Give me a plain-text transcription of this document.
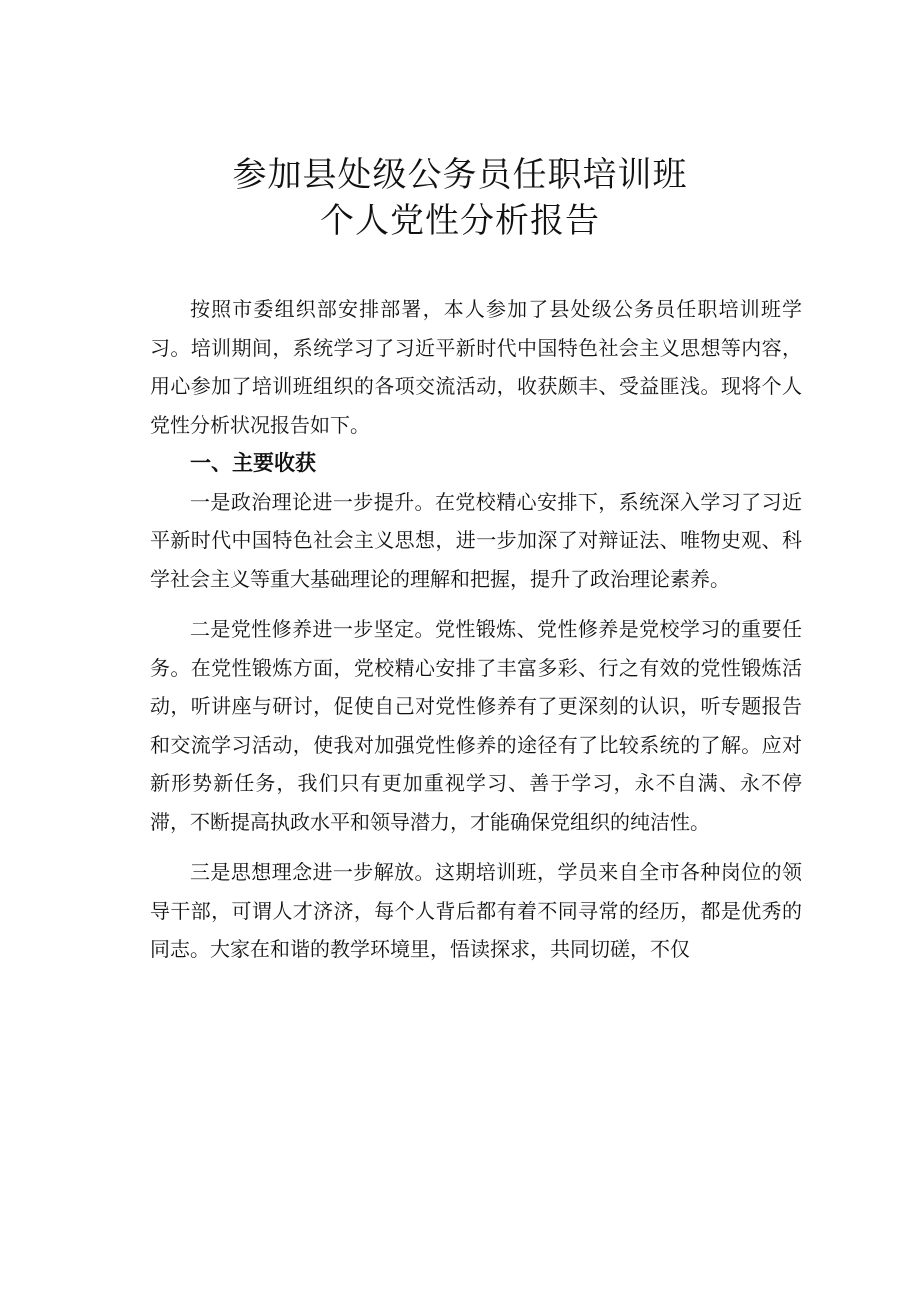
参加县处级公务员任职培训班
个人党性分析报告

按照市委组织部安排部署，本人参加了县处级公务员任职培训班学习。培训期间，系统学习了习近平新时代中国特色社会主义思想等内容，用心参加了培训班组织的各项交流活动，收获颇丰、受益匪浅。现将个人党性分析状况报告如下。

一、主要收获

一是政治理论进一步提升。在党校精心安排下，系统深入学习了习近平新时代中国特色社会主义思想，进一步加深了对辩证法、唯物史观、科学社会主义等重大基础理论的理解和把握，提升了政治理论素养。

二是党性修养进一步坚定。党性锻炼、党性修养是党校学习的重要任务。在党性锻炼方面，党校精心安排了丰富多彩、行之有效的党性锻炼活动，听讲座与研讨，促使自己对党性修养有了更深刻的认识，听专题报告和交流学习活动，使我对加强党性修养的途径有了比较系统的了解。应对新形势新任务，我们只有更加重视学习、善于学习，永不自满、永不停滞，不断提高执政水平和领导潜力，才能确保党组织的纯洁性。

三是思想理念进一步解放。这期培训班，学员来自全市各种岗位的领导干部，可谓人才济济，每个人背后都有着不同寻常的经历，都是优秀的同志。大家在和谐的教学环境里，悟读探求，共同切磋，不仅
